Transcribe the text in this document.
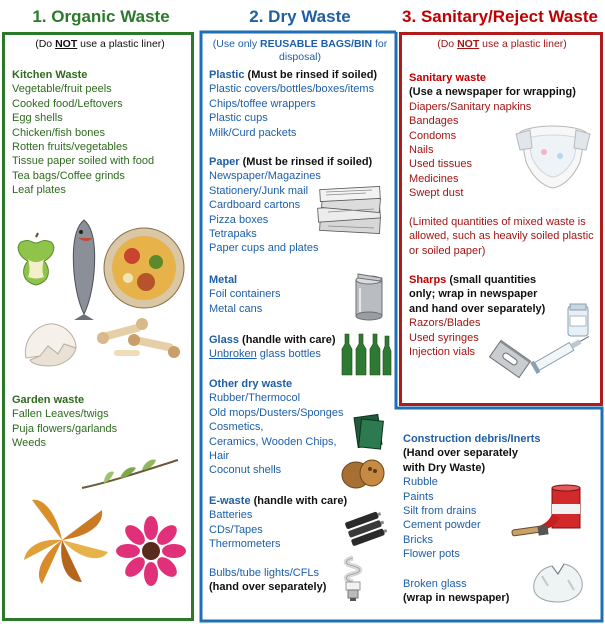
1. Organic Waste	2. Dry Waste	3. Sanitary/Reject Waste
(Do NOT use a plastic liner)
Kitchen Waste
Vegetable/fruit peels
Cooked food/Leftovers
Egg shells
Chicken/fish bones
Rotten fruits/vegetables
Tissue paper soiled with food
Tea bags/Coffee grinds
Leaf plates
Garden waste
Fallen Leaves/twigs
Puja flowers/garlands
Weeds
(Use only REUSABLE BAGS/BIN for disposal)
Plastic (Must be rinsed if soiled)
Plastic covers/bottles/boxes/items
Chips/toffee wrappers
Plastic cups
Milk/Curd packets
Paper (Must be rinsed if soiled)
Newspaper/Magazines
Stationery/Junk mail
Cardboard cartons
Pizza boxes
Tetrapaks
Paper cups and plates
Metal
Foil containers
Metal cans
Glass (handle with care)
Unbroken glass bottles
Other dry waste
Rubber/Thermocol
Old mops/Dusters/Sponges
Cosmetics,
Ceramics, Wooden Chips,
Hair
Coconut shells
E-waste (handle with care)
Batteries
CDs/Tapes
Thermometers
Bulbs/tube lights/CFLs
(hand over separately)
(Do NOT use a plastic liner)
Sanitary waste
(Use a newspaper for wrapping)
Diapers/Sanitary napkins
Bandages
Condoms
Nails
Used tissues
Medicines
Swept dust
(Limited quantities of mixed waste is allowed, such as heavily soiled plastic or soiled paper)
Sharps (small quantities only; wrap in newspaper and hand over separately)
Razors/Blades
Used syringes
Injection vials
Construction debris/Inerts
(Hand over separately with Dry Waste)
Rubble
Paints
Silt from drains
Cement powder
Bricks
Flower pots
Broken glass
(wrap in newspaper)
